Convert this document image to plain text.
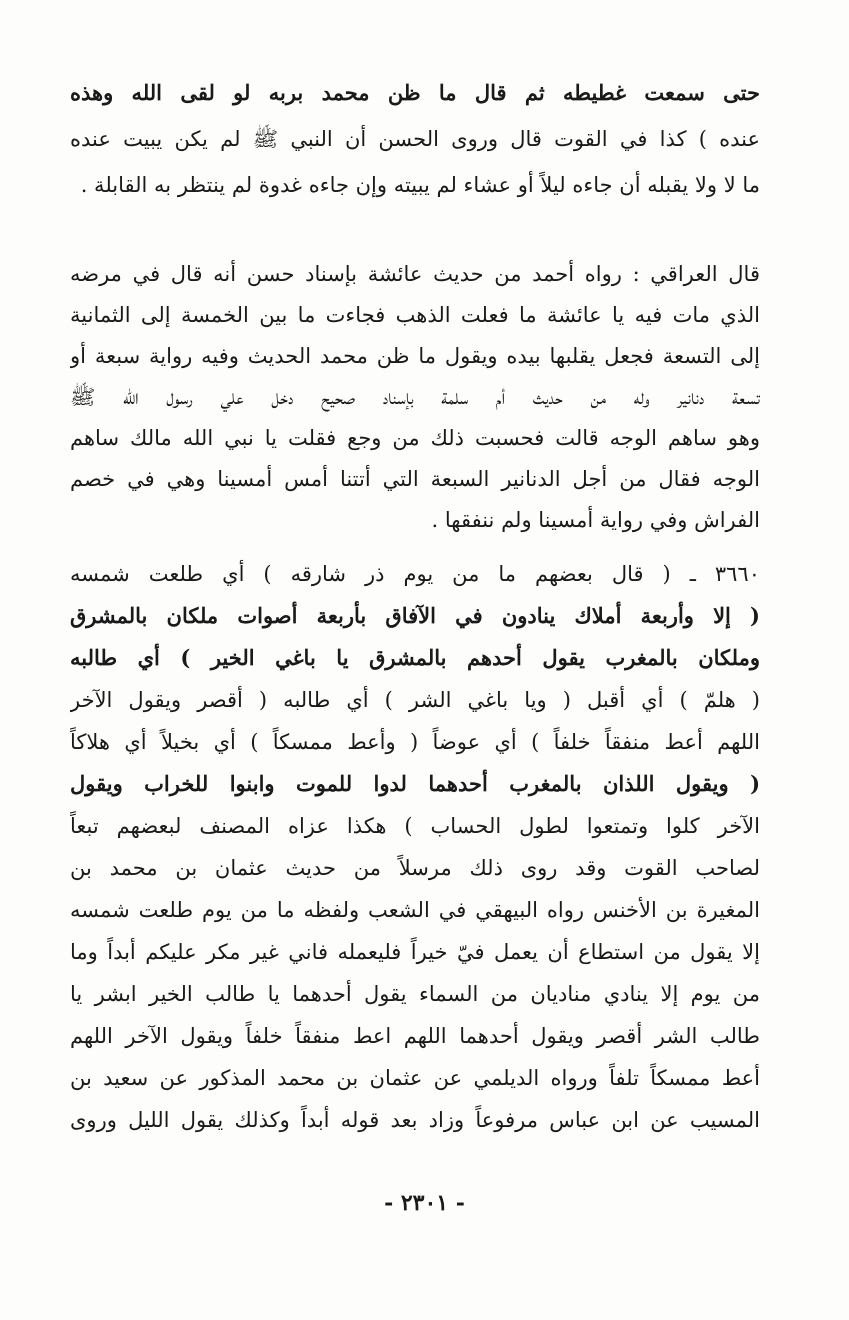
حتى سمعت غطيطه ثم قال ما ظن محمد بربه لو لقى الله وهذه
عنده ) كذا في القوت قال وروى الحسن أن النبي ﷺ لم يكن يبيت عنده
ما لا ولا يقبله أن جاءه ليلاً أو عشاء لم يبيته وإن جاءه غدوة لم ينتظر به القابلة .
قال العراقي : رواه أحمد من حديث عائشة بإسناد حسن أنه قال في مرضه
الذي مات فيه يا عائشة ما فعلت الذهب فجاءت ما بين الخمسة إلى الثمانية
إلى التسعة فجعل يقلبها بيده ويقول ما ظن محمد الحديث وفيه رواية سبعة أو
تسعة دنانير وله من حديث أم سلمة بإسناد صحيح دخل علي رسول الله ﷺ
وهو ساهم الوجه قالت فحسبت ذلك من وجع فقلت يا نبي الله مالك ساهم
الوجه فقال من أجل الدنانير السبعة التي أتتنا أمس أمسينا وهي في خصم
الفراش وفي رواية أمسينا ولم ننفقها .
٣٦٦٠ ـ ( قال بعضهم ما من يوم ذر شارقه ) أي طلعت شمسه
( إلا وأربعة أملاك ينادون في الآفاق بأربعة أصوات ملكان بالمشرق
وملكان بالمغرب يقول أحدهم بالمشرق يا باغي الخير ) أي طالبه
( هلمّ ) أي أقبل ( ويا باغي الشر ) أي طالبه ( أقصر ويقول الآخر
اللهم أعط منفقاً خلفاً ) أي عوضاً ( وأعط ممسكاً ) أي بخيلاً أي هلاكاً
( ويقول اللذان بالمغرب أحدهما لدوا للموت وابنوا للخراب ويقول
الآخر كلوا وتمتعوا لطول الحساب ) هكذا عزاه المصنف لبعضهم تبعاً
لصاحب القوت وقد روى ذلك مرسلاً من حديث عثمان بن محمد بن
المغيرة بن الأخنس رواه البيهقي في الشعب ولفظه ما من يوم طلعت شمسه
إلا يقول من استطاع أن يعمل فيّ خيراً فليعمله فاني غير مكر عليكم أبداً وما
من يوم إلا ينادي مناديان من السماء يقول أحدهما يا طالب الخير ابشر يا
طالب الشر أقصر ويقول أحدهما اللهم اعط منفقاً خلفاً ويقول الآخر اللهم
أعط ممسكاً تلفاً ورواه الديلمي عن عثمان بن محمد المذكور عن سعيد بن
المسيب عن ابن عباس مرفوعاً وزاد بعد قوله أبداً وكذلك يقول الليل وروى
- ٢٣٠١ -
